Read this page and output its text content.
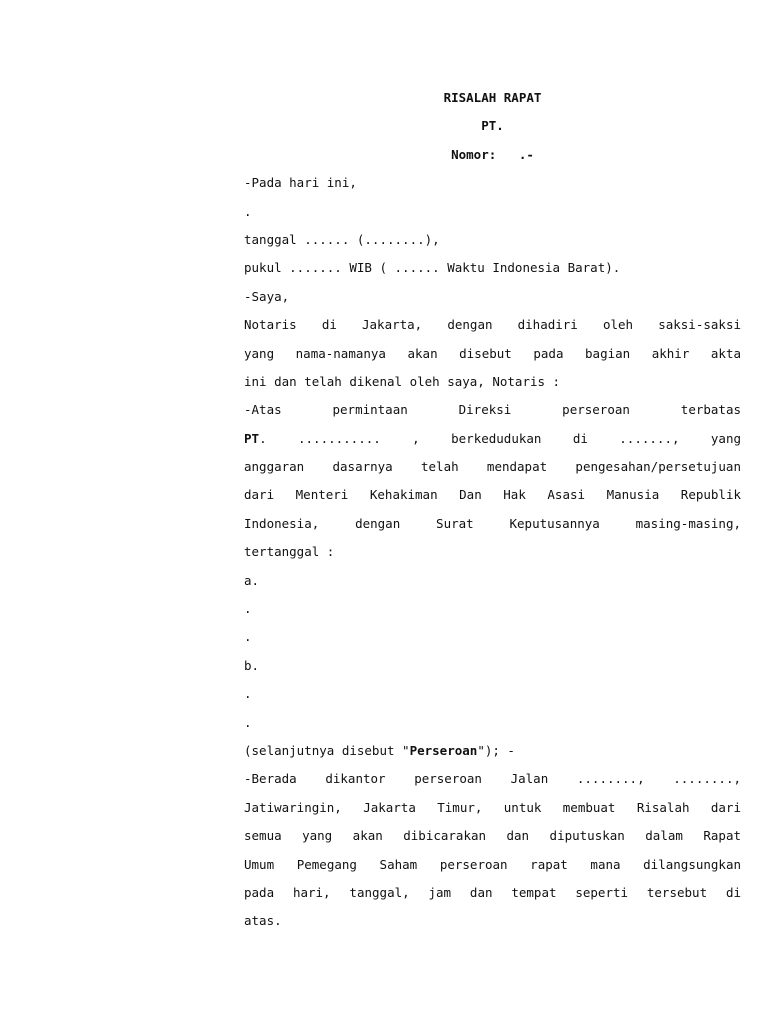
RISALAH RAPAT
PT.
Nomor:   .-
-Pada hari ini,
.
tanggal ...... (........),
pukul ....... WIB ( ...... Waktu Indonesia Barat).
-Saya,
Notaris di Jakarta, dengan dihadiri oleh saksi-saksi
yang nama-namanya akan disebut pada bagian akhir akta
ini dan telah dikenal oleh saya, Notaris :
-Atas permintaan Direksi perseroan terbatas
PT. ........... , berkedudukan di ......., yang
anggaran dasarnya telah mendapat pengesahan/persetujuan
dari Menteri Kehakiman Dan Hak Asasi Manusia Republik
Indonesia, dengan Surat Keputusannya masing-masing,
tertanggal :
a.
.
.
b.
.
.
(selanjutnya disebut "Perseroan"); -
-Berada dikantor perseroan Jalan ........, ........,
Jatiwaringin, Jakarta Timur, untuk membuat Risalah dari
semua yang akan dibicarakan dan diputuskan dalam Rapat
Umum Pemegang Saham perseroan rapat mana dilangsungkan
pada hari, tanggal, jam dan tempat seperti tersebut di
atas.
